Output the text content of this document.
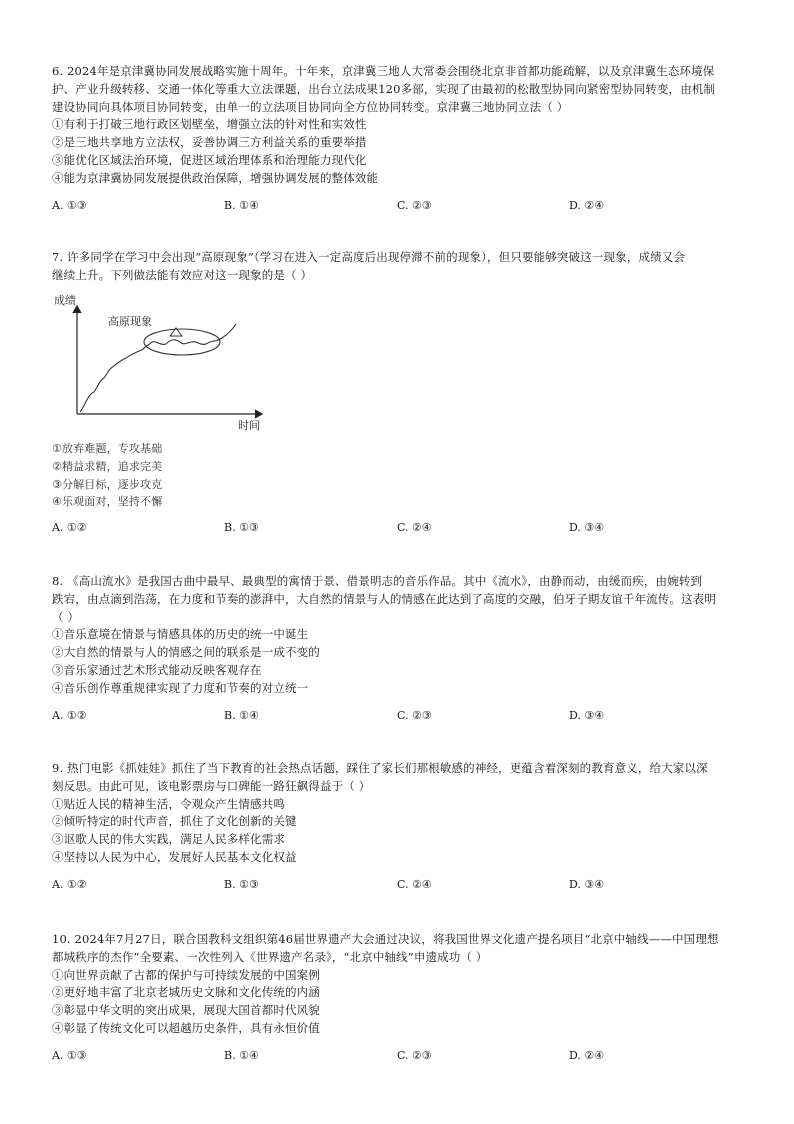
6. 2024年是京津冀协同发展战略实施十周年。十年来，京津冀三地人大常委会围绕北京非首都功能疏解，以及京津冀生态环境保
护、产业升级转移、交通一体化等重大立法课题，出台立法成果120多部，实现了由最初的松散型协同向紧密型协同转变，由机制
建设协同向具体项目协同转变，由单一的立法项目协同向全方位协同转变。京津冀三地协同立法（ ）
①有利于打破三地行政区划壁垒，增强立法的针对性和实效性
②是三地共享地方立法权，妥善协调三方利益关系的重要举措
③能优化区域法治环境，促进区域治理体系和治理能力现代化
④能为京津冀协同发展提供政治保障，增强协调发展的整体效能
A. ①③	B. ①④	C. ②③	D. ②④
7. 许多同学在学习中会出现“高原现象”（学习在进入一定高度后出现停滞不前的现象），但只要能够突破这一现象，成绩又会
继续上升。下列做法能有效应对这一现象的是（ ）
成绩
时间
高原现象
①放弃难题，专攻基础
②精益求精，追求完美
③分解目标，逐步攻克
④乐观面对，坚持不懈
A. ①②	B. ①③	C. ②④	D. ③④
8. 《高山流水》是我国古曲中最早、最典型的寓情于景、借景明志的音乐作品。其中《流水》，由静而动，由缓而疾，由婉转到
跌宕，由点滴到浩荡，在力度和节奏的澎湃中，大自然的情景与人的情感在此达到了高度的交融，伯牙子期友谊千年流传。这表明
（ ）
①音乐意境在情景与情感具体的历史的统一中诞生
②大自然的情景与人的情感之间的联系是一成不变的
③音乐家通过艺术形式能动反映客观存在
④音乐创作尊重规律实现了力度和节奏的对立统一
A. ①②	B. ①④	C. ②③	D. ③④
9. 热门电影《抓娃娃》抓住了当下教育的社会热点话题，踩住了家长们那根敏感的神经，更蕴含着深刻的教育意义，给大家以深
刻反思。由此可见，该电影票房与口碑能一路狂飙得益于（ ）
①贴近人民的精神生活，令观众产生情感共鸣
②倾听特定的时代声音，抓住了文化创新的关键
③讴歌人民的伟大实践，满足人民多样化需求
④坚持以人民为中心，发展好人民基本文化权益
A. ①②	B. ①③	C. ②④	D. ③④
10. 2024年7月27日，联合国教科文组织第46届世界遗产大会通过决议，将我国世界文化遗产提名项目“北京中轴线——中国理想
都城秩序的杰作”全要素、一次性列入《世界遗产名录》，“北京中轴线”申遗成功（ ）
①向世界贡献了古都的保护与可持续发展的中国案例
②更好地丰富了北京老城历史文脉和文化传统的内涵
③彰显中华文明的突出成果，展现大国首都时代风貌
④彰显了传统文化可以超越历史条件，具有永恒价值
A. ①③	B. ①④	C. ②③	D. ②④
